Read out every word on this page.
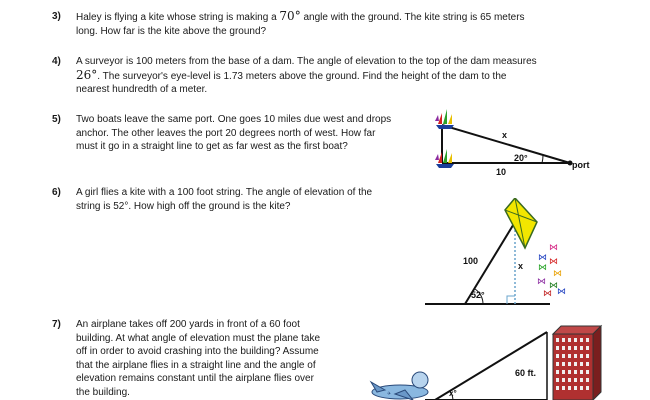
3)	Haley is flying a kite whose string is making a 70° angle with the ground. The kite string is 65 meters
long. How far is the kite above the ground?
4)	A surveyor is 100 meters from the base of a dam. The angle of elevation to the top of the dam measures
26°. The surveyor's eye-level is 1.73 meters above the ground. Find the height of the dam to the
nearest hundredth of a meter.
5)	Two boats leave the same port. One goes 10 miles due west and drops
anchor. The other leaves the port 20 degrees north of west. How far
must it go in a straight line to get as far west as the first boat?
6)	A girl flies a kite with a 100 foot string. The angle of elevation of the
string is 52°. How high off the ground is the kite?
7)	An airplane takes off 200 yards in front of a 60 foot
building. At what angle of elevation must the plane take
off in order to avoid crashing into the building? Assume
that the airplane flies in a straight line and the angle of
elevation remains constant until the airplane flies over
the building.
x
20°
10
port
⋈
⋈ ⋈
⋈
⋈
⋈ ⋈
⋈ ⋈
100	x
52°
✈	x°
60 ft.
